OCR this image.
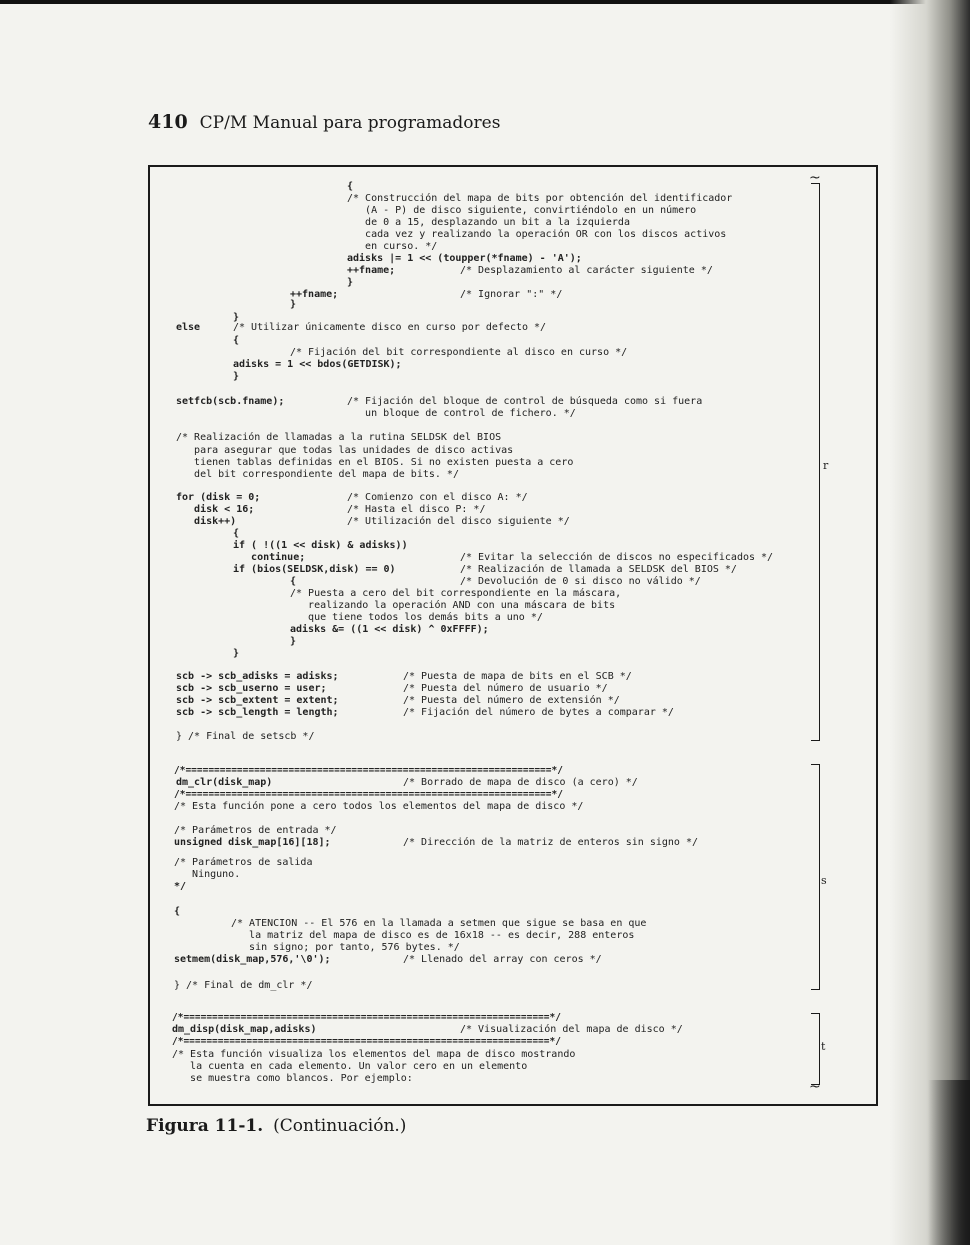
410 CP/M Manual para programadores
{
/* Construcción del mapa de bits por obtención del identificador
(A - P) de disco siguiente, convirtiéndolo en un número
de 0 a 15, desplazando un bit a la izquierda
cada vez y realizando la operación OR con los discos activos
en curso. */
adisks |= 1 << (toupper(*fname) - 'A');
++fname;	/* Desplazamiento al carácter siguiente */
}
++fname;	/* Ignorar ":" */
}
}
else	/* Utilizar únicamente disco en curso por defecto */
{
/* Fijación del bit correspondiente al disco en curso */
adisks = 1 << bdos(GETDISK);
}
setfcb(scb.fname);	/* Fijación del bloque de control de búsqueda como si fuera
un bloque de control de fichero. */
/* Realización de llamadas a la rutina SELDSK del BIOS
para asegurar que todas las unidades de disco activas
tienen tablas definidas en el BIOS. Si no existen puesta a cero
del bit correspondiente del mapa de bits. */
for (disk = 0;	/* Comienzo con el disco A: */
disk < 16;	/* Hasta el disco P: */
disk++)	/* Utilización del disco siguiente */
{
if ( !((1 << disk) & adisks))
continue;	/* Evitar la selección de discos no especificados */
if (bios(SELDSK,disk) == 0)	/* Realización de llamada a SELDSK del BIOS */
{	/* Devolución de 0 si disco no válido */
/* Puesta a cero del bit correspondiente en la máscara,
realizando la operación AND con una máscara de bits
que tiene todos los demás bits a uno */
adisks &= ((1 << disk) ^ 0xFFFF);
}
}
scb -> scb_adisks = adisks;	/* Puesta de mapa de bits en el SCB */
scb -> scb_userno = user;	/* Puesta del número de usuario */
scb -> scb_extent = extent;	/* Puesta del número de extensión */
scb -> scb_length = length;	/* Fijación del número de bytes a comparar */
} /* Final de setscb */
/*================================================================*/
dm_clr(disk_map)	/* Borrado de mapa de disco (a cero) */
/*================================================================*/
/* Esta función pone a cero todos los elementos del mapa de disco */
/* Parámetros de entrada */
unsigned disk_map[16][18];	/* Dirección de la matriz de enteros sin signo */
/* Parámetros de salida
Ninguno.
*/
{
/* ATENCION -- El 576 en la llamada a setmen que sigue se basa en que
la matriz del mapa de disco es de 16x18 -- es decir, 288 enteros
sin signo; por tanto, 576 bytes. */
setmem(disk_map,576,'\0');	/* Llenado del array con ceros */
} /* Final de dm_clr */
/*================================================================*/
dm_disp(disk_map,adisks)	/* Visualización del mapa de disco */
/*================================================================*/
/* Esta función visualiza los elementos del mapa de disco mostrando
la cuenta en cada elemento. Un valor cero en un elemento
se muestra como blancos. Por ejemplo:
~
r
s
~
t
Figura 11-1. (Continuación.)
